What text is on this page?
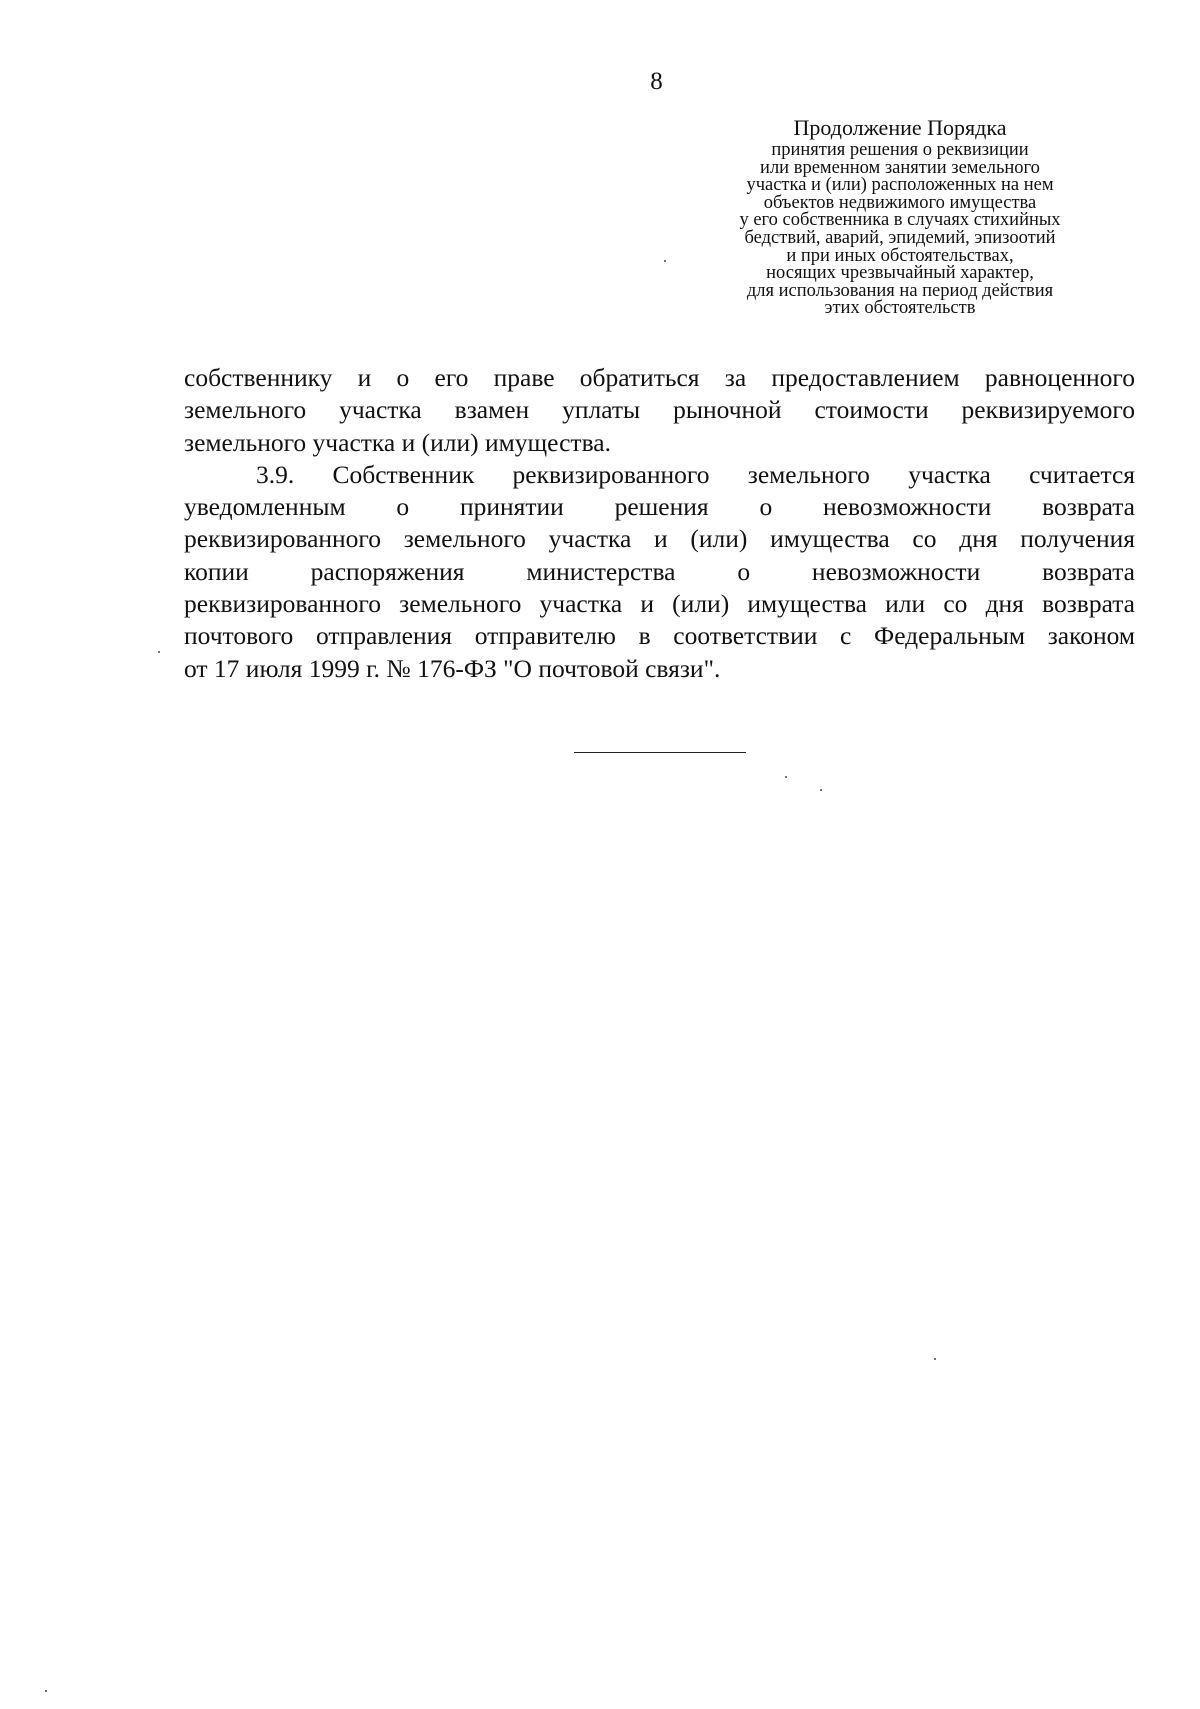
8
Продолжение Порядка
принятия решения о реквизиции
или временном занятии земельного
участка и (или) расположенных на нем
объектов недвижимого имущества
у его собственника в случаях стихийных
бедствий, аварий, эпидемий, эпизоотий
и при иных обстоятельствах,
носящих чрезвычайный характер,
для использования на период действия
этих обстоятельств
собственнику и о его праве обратиться за предоставлением равноценного
земельного участка взамен уплаты рыночной стоимости реквизируемого
земельного участка и (или) имущества.
3.9. Собственник реквизированного земельного участка считается
уведомленным о принятии решения о невозможности возврата
реквизированного земельного участка и (или) имущества со дня получения
копии распоряжения министерства о невозможности возврата
реквизированного земельного участка и (или) имущества или со дня возврата
почтового отправления отправителю в соответствии с Федеральным законом
от 17 июля 1999 г. № 176-ФЗ "О почтовой связи".
